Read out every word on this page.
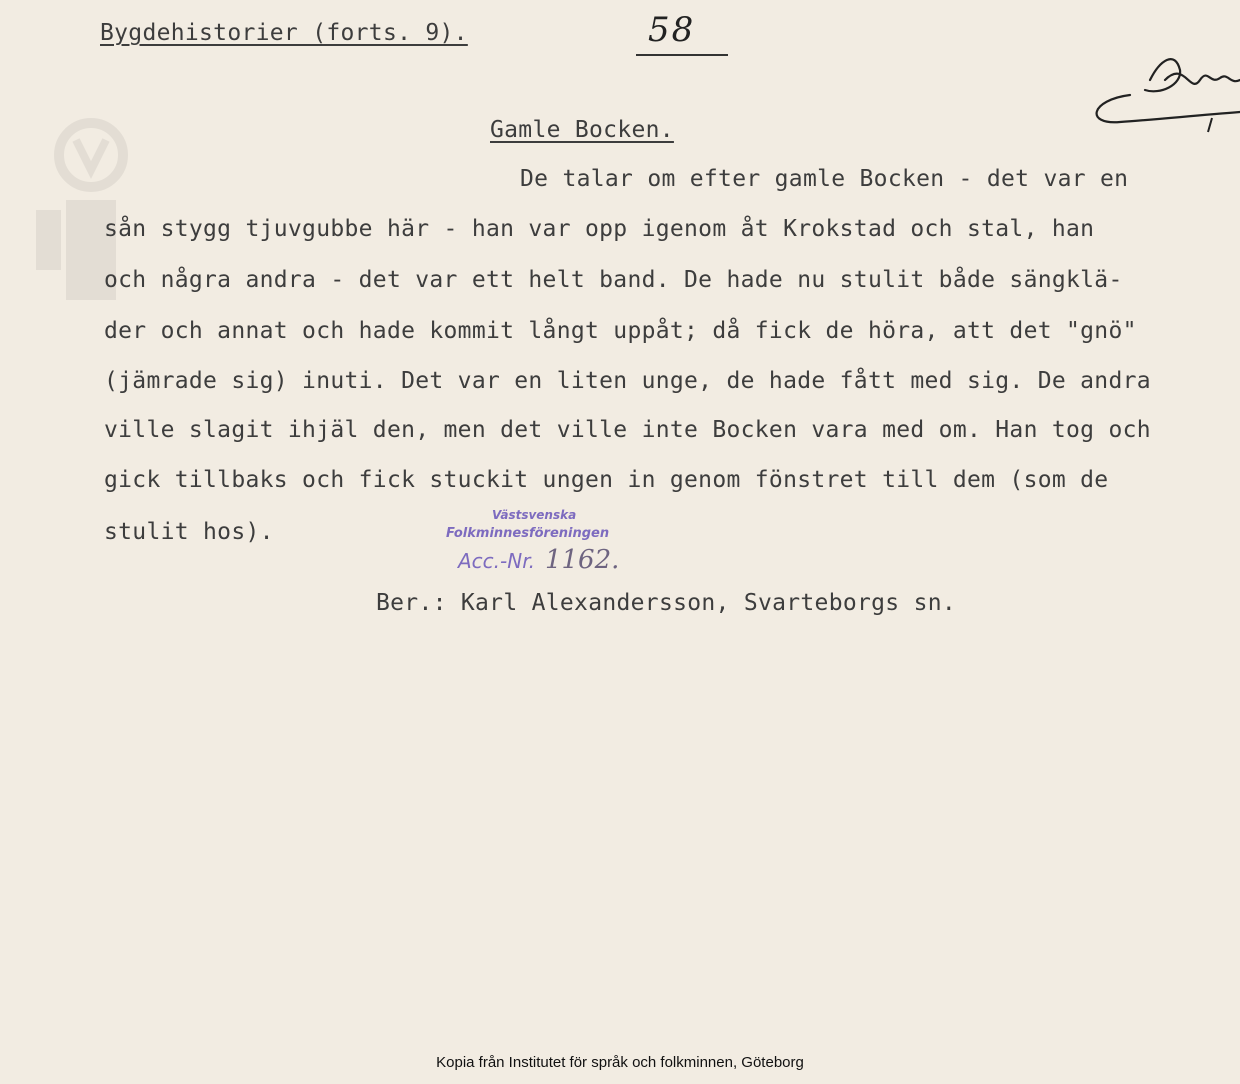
Bygdehistorier (forts. 9).	58
Gamle Bocken.
De talar om efter gamle Bocken - det var en
sån stygg tjuvgubbe här - han var opp igenom åt Krokstad och stal, han
och några andra - det var ett helt band. De hade nu stulit både sängklä-
der och annat och hade kommit långt uppåt; då fick de höra, att det "gnö"
(jämrade sig) inuti. Det var en liten unge, de hade fått med sig. De andra
ville slagit ihjäl den, men det ville inte Bocken vara med om. Han tog och
gick tillbaks och fick stuckit ungen in genom fönstret till dem (som de
stulit hos).
Västsvenska
Folkminnesföreningen
Acc.-Nr. 1162.
Ber.: Karl Alexandersson, Svarteborgs sn.
Kopia från Institutet för språk och folkminnen, Göteborg
